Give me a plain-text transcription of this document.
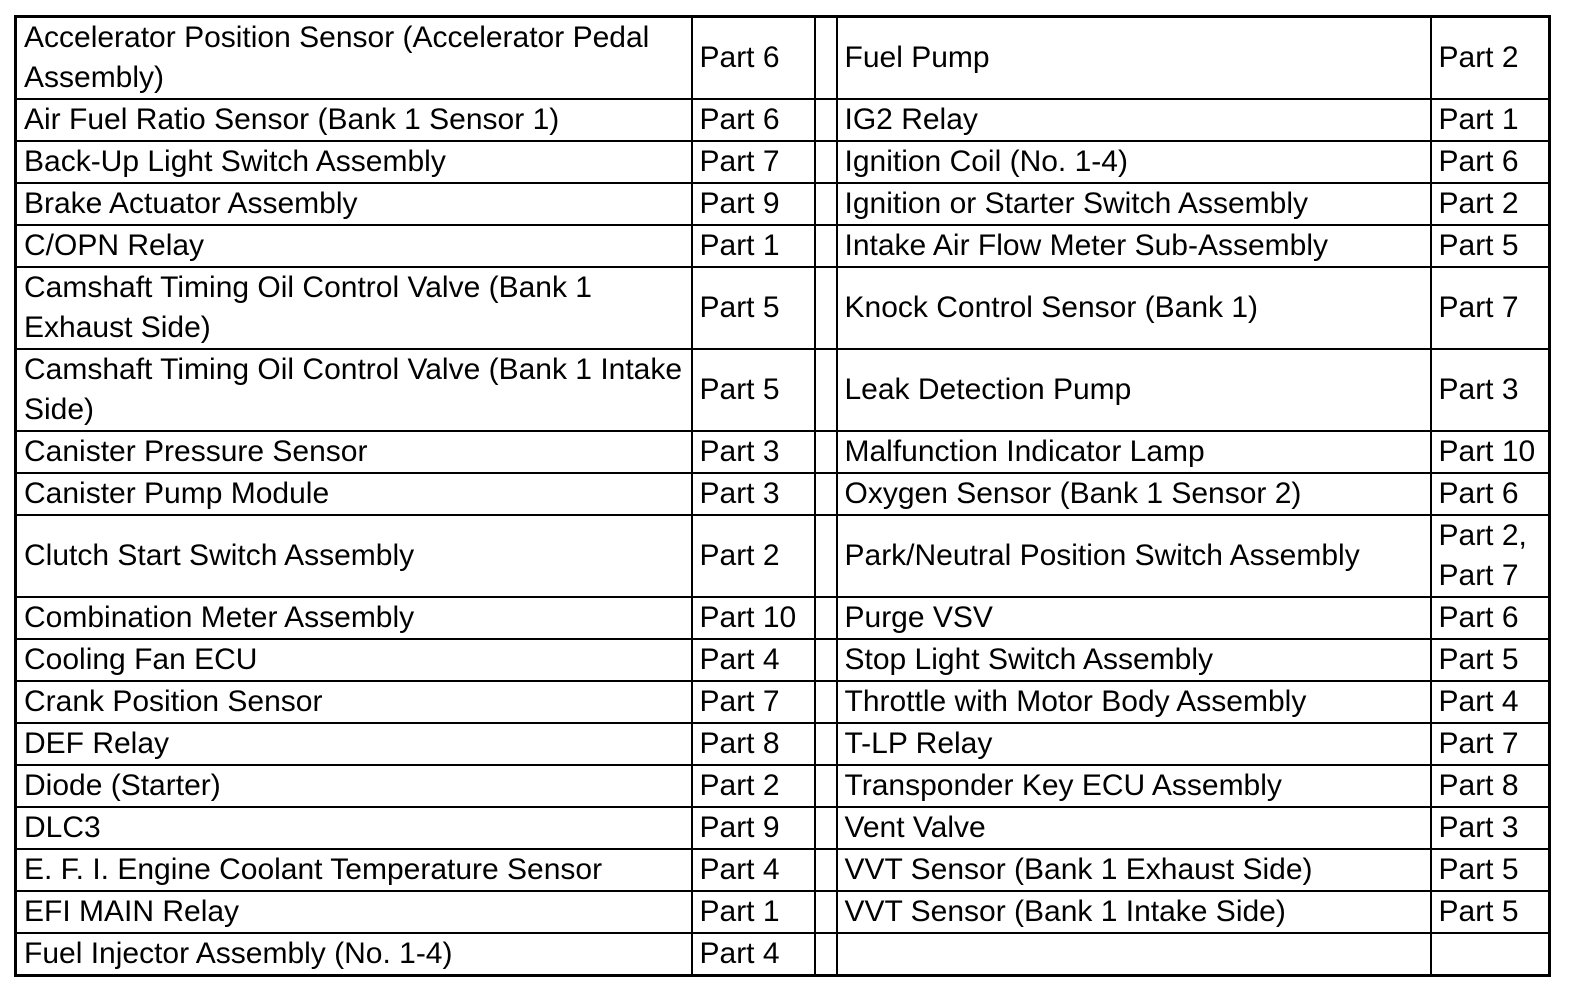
Accelerator Position Sensor (Accelerator Pedal Assembly)	Part 6		Fuel Pump	Part 2
Air Fuel Ratio Sensor (Bank 1 Sensor 1)	Part 6		IG2 Relay	Part 1
Back-Up Light Switch Assembly	Part 7		Ignition Coil (No. 1-4)	Part 6
Brake Actuator Assembly	Part 9		Ignition or Starter Switch Assembly	Part 2
C/OPN Relay	Part 1		Intake Air Flow Meter Sub-Assembly	Part 5
Camshaft Timing Oil Control Valve (Bank 1 Exhaust Side)	Part 5		Knock Control Sensor (Bank 1)	Part 7
Camshaft Timing Oil Control Valve (Bank 1 Intake Side)	Part 5		Leak Detection Pump	Part 3
Canister Pressure Sensor	Part 3		Malfunction Indicator Lamp	Part 10
Canister Pump Module	Part 3		Oxygen Sensor (Bank 1 Sensor 2)	Part 6
Clutch Start Switch Assembly	Part 2		Park/Neutral Position Switch Assembly	Part 2, Part 7
Combination Meter Assembly	Part 10		Purge VSV	Part 6
Cooling Fan ECU	Part 4		Stop Light Switch Assembly	Part 5
Crank Position Sensor	Part 7		Throttle with Motor Body Assembly	Part 4
DEF Relay	Part 8		T-LP Relay	Part 7
Diode (Starter)	Part 2		Transponder Key ECU Assembly	Part 8
DLC3	Part 9		Vent Valve	Part 3
E. F. I. Engine Coolant Temperature Sensor	Part 4		VVT Sensor (Bank 1 Exhaust Side)	Part 5
EFI MAIN Relay	Part 1		VVT Sensor (Bank 1 Intake Side)	Part 5
Fuel Injector Assembly (No. 1-4)	Part 4			
